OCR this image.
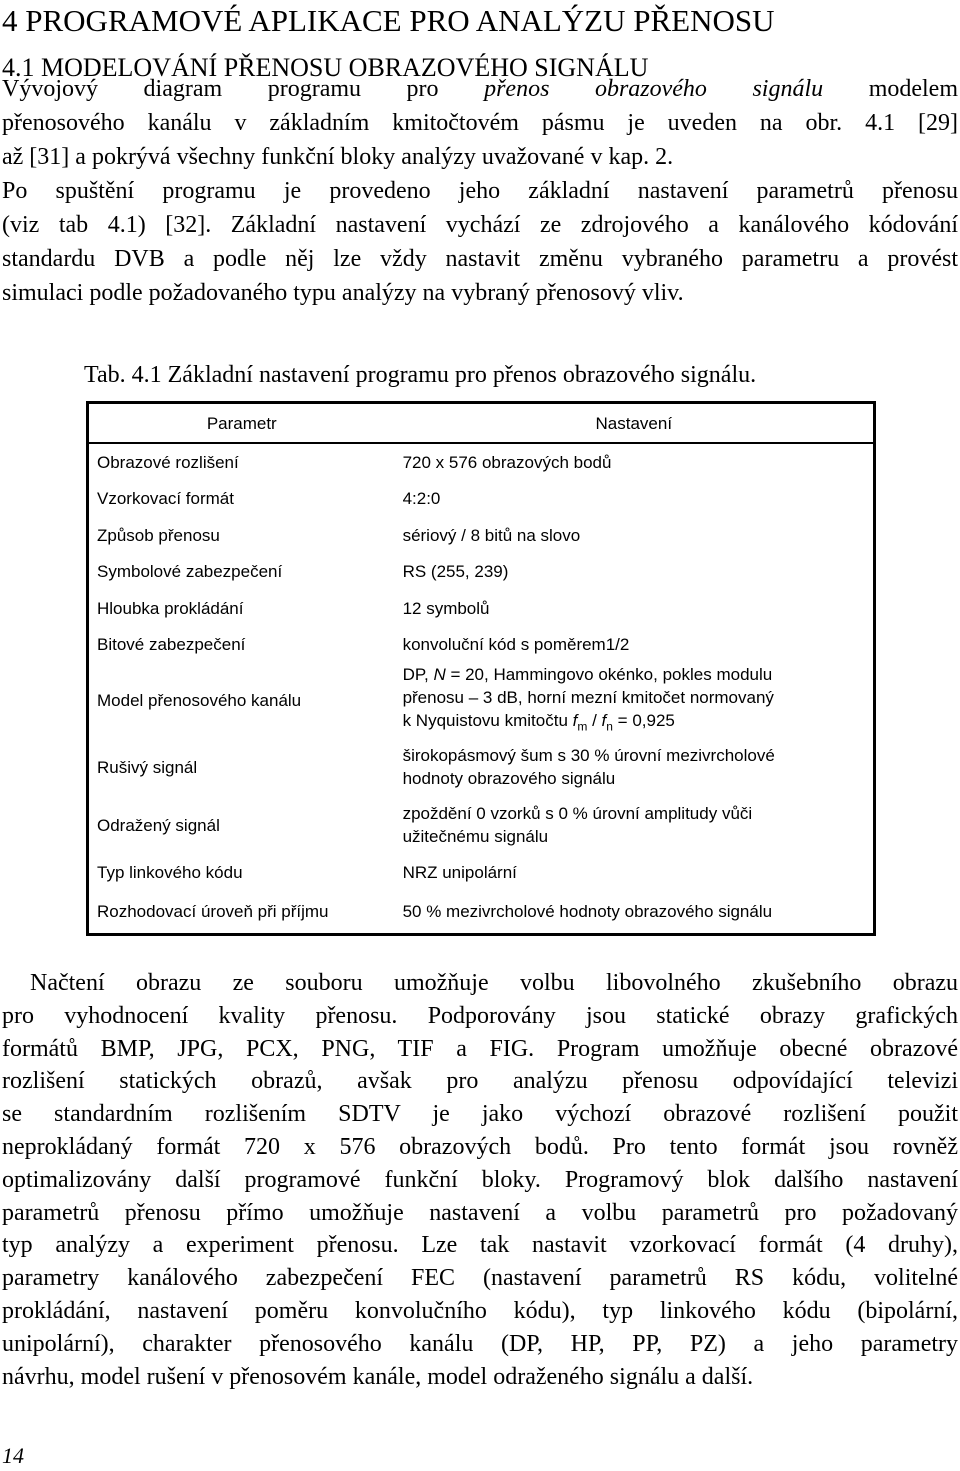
4 PROGRAMOVÉ APLIKACE PRO ANALÝZU PŘENOSU
4.1 MODELOVÁNÍ PŘENOSU OBRAZOVÉHO SIGNÁLU
Vývojový diagram programu pro přenos obrazového signálu modelem
přenosového kanálu v základním kmitočtovém pásmu je uveden na obr. 4.1 [29]
až [31] a pokrývá všechny funkční bloky analýzy uvažované v kap. 2.
Po spuštění programu je provedeno jeho základní nastavení parametrů přenosu
(viz tab 4.1) [32]. Základní nastavení vychází ze zdrojového a kanálového kódování
standardu DVB a podle něj lze vždy nastavit změnu vybraného parametru a provést
simulaci podle požadovaného typu analýzy na vybraný přenosový vliv.
Tab. 4.1 Základní nastavení programu pro přenos obrazového signálu.
Parametr	Nastavení
Obrazové rozlišení	720 x 576 obrazových bodů
Vzorkovací formát	4:2:0
Způsob přenosu	sériový / 8 bitů na slovo
Symbolové zabezpečení	RS (255, 239)
Hloubka prokládání	12 symbolů
Bitové zabezpečení	konvoluční kód s poměrem1/2
Model přenosového kanálu	DP, N = 20, Hammingovo okénko, pokles modulu
přenosu – 3 dB, horní mezní kmitočet normovaný
k Nyquistovu kmitočtu $f_m / f_n = 0,925$

Rušivý signál	širokopásmový šum s 30 % úrovní mezivrcholové
hodnoty obrazového signálu

Odražený signál	zpoždění 0 vzorků s 0 % úrovní amplitudy vůči
užitečnému signálu

Typ linkového kódu	NRZ unipolární
Rozhodovací úroveň při příjmu	50 % mezivrcholové hodnoty obrazového signálu
Načtení obrazu ze souboru umožňuje volbu libovolného zkušebního obrazu
pro vyhodnocení kvality přenosu. Podporovány jsou statické obrazy grafických
formátů BMP, JPG, PCX, PNG, TIF a FIG. Program umožňuje obecné obrazové
rozlišení statických obrazů, avšak pro analýzu přenosu odpovídající televizi
se standardním rozlišením SDTV je jako výchozí obrazové rozlišení použit
neprokládaný formát 720 x 576 obrazových bodů. Pro tento formát jsou rovněž
optimalizovány další programové funkční bloky. Programový blok dalšího nastavení
parametrů přenosu přímo umožňuje nastavení a volbu parametrů pro požadovaný
typ analýzy a experiment přenosu. Lze tak nastavit vzorkovací formát (4 druhy),
parametry kanálového zabezpečení FEC (nastavení parametrů RS kódu, volitelné
prokládání, nastavení poměru konvolučního kódu), typ linkového kódu (bipolární,
unipolární), charakter přenosového kanálu (DP, HP, PP, PZ) a jeho parametry
návrhu, model rušení v přenosovém kanále, model odraženého signálu a další.
14
